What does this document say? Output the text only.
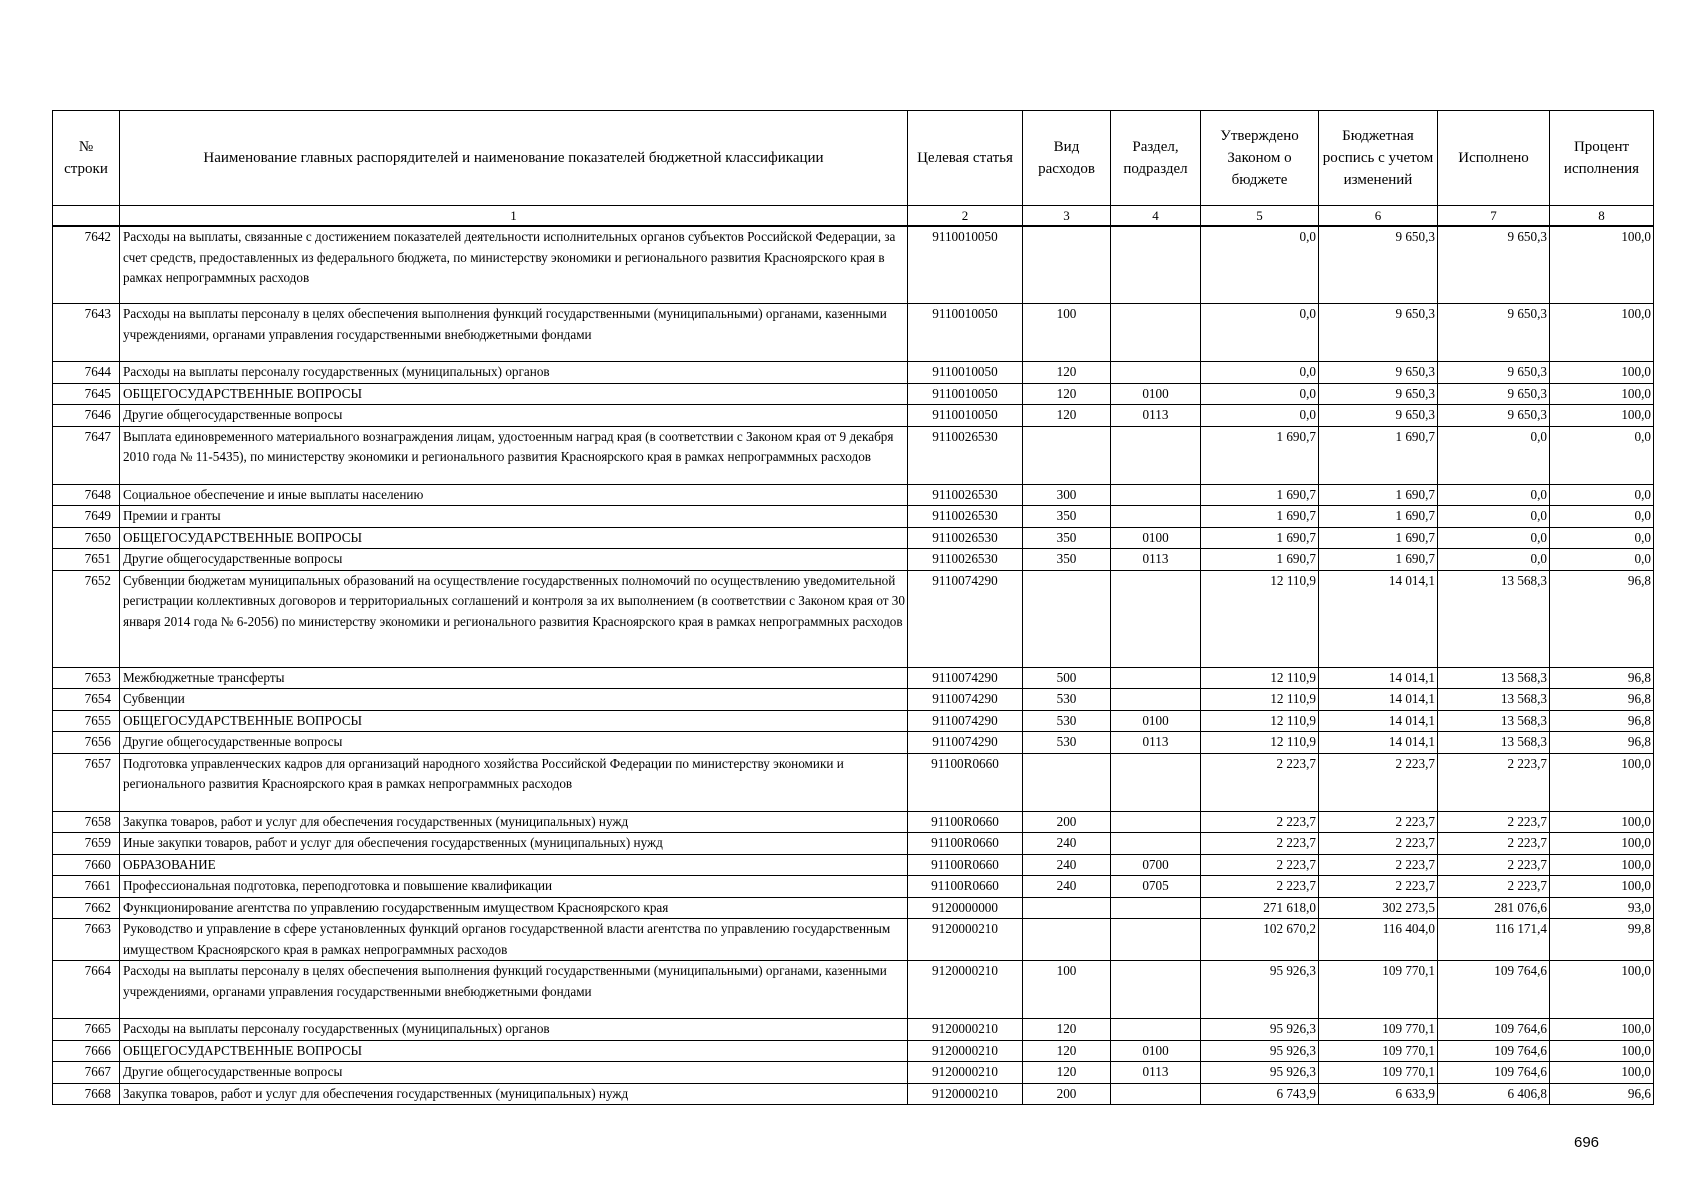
№ строки	Наименование главных распорядителей и наименование показателей бюджетной классификации	Целевая статья	Вид расходов	Раздел, подраздел	Утверждено Законом о бюджете	Бюджетная роспись с учетом изменений	Исполнено	Процент исполнения
	1	2	3	4	5	6	7	8
7642	Расходы на выплаты, связанные с достижением показателей деятельности исполнительных органов субъектов Российской Федерации, за счет средств, предоставленных из федерального бюджета, по министерству экономики и регионального развития Красноярского края в рамках непрограммных расходов	9110010050			0,0	9 650,3	9 650,3	100,0
7643	Расходы на выплаты персоналу в целях обеспечения выполнения функций государственными (муниципальными) органами, казенными учреждениями, органами управления государственными внебюджетными фондами	9110010050	100		0,0	9 650,3	9 650,3	100,0
7644	Расходы на выплаты персоналу государственных (муниципальных) органов	9110010050	120		0,0	9 650,3	9 650,3	100,0
7645	ОБЩЕГОСУДАРСТВЕННЫЕ ВОПРОСЫ	9110010050	120	0100	0,0	9 650,3	9 650,3	100,0
7646	Другие общегосударственные вопросы	9110010050	120	0113	0,0	9 650,3	9 650,3	100,0
7647	Выплата единовременного материального вознаграждения лицам, удостоенным наград края (в соответствии с Законом края от 9 декабря 2010 года № 11-5435), по министерству экономики и регионального развития Красноярского края в рамках непрограммных расходов	9110026530			1 690,7	1 690,7	0,0	0,0
7648	Социальное обеспечение и иные выплаты населению	9110026530	300		1 690,7	1 690,7	0,0	0,0
7649	Премии и гранты	9110026530	350		1 690,7	1 690,7	0,0	0,0
7650	ОБЩЕГОСУДАРСТВЕННЫЕ ВОПРОСЫ	9110026530	350	0100	1 690,7	1 690,7	0,0	0,0
7651	Другие общегосударственные вопросы	9110026530	350	0113	1 690,7	1 690,7	0,0	0,0
7652	Субвенции бюджетам муниципальных образований на осуществление государственных полномочий по осуществлению уведомительной регистрации коллективных договоров и территориальных соглашений и контроля за их выполнением (в соответствии с Законом края от 30 января 2014 года № 6-2056) по министерству экономики и регионального развития Красноярского края в рамках непрограммных расходов	9110074290			12 110,9	14 014,1	13 568,3	96,8
7653	Межбюджетные трансферты	9110074290	500		12 110,9	14 014,1	13 568,3	96,8
7654	Субвенции	9110074290	530		12 110,9	14 014,1	13 568,3	96,8
7655	ОБЩЕГОСУДАРСТВЕННЫЕ ВОПРОСЫ	9110074290	530	0100	12 110,9	14 014,1	13 568,3	96,8
7656	Другие общегосударственные вопросы	9110074290	530	0113	12 110,9	14 014,1	13 568,3	96,8
7657	Подготовка управленческих кадров для организаций народного хозяйства Российской Федерации по министерству экономики и регионального развития Красноярского края в рамках непрограммных расходов	91100R0660			2 223,7	2 223,7	2 223,7	100,0
7658	Закупка товаров, работ и услуг для обеспечения государственных (муниципальных) нужд	91100R0660	200		2 223,7	2 223,7	2 223,7	100,0
7659	Иные закупки товаров, работ и услуг для обеспечения государственных (муниципальных) нужд	91100R0660	240		2 223,7	2 223,7	2 223,7	100,0
7660	ОБРАЗОВАНИЕ	91100R0660	240	0700	2 223,7	2 223,7	2 223,7	100,0
7661	Профессиональная подготовка, переподготовка и повышение квалификации	91100R0660	240	0705	2 223,7	2 223,7	2 223,7	100,0
7662	Функционирование агентства по управлению государственным имуществом Красноярского края	9120000000			271 618,0	302 273,5	281 076,6	93,0
7663	Руководство и управление в сфере установленных функций органов государственной власти агентства по управлению государственным имуществом Красноярского края в рамках непрограммных расходов	9120000210			102 670,2	116 404,0	116 171,4	99,8
7664	Расходы на выплаты персоналу в целях обеспечения выполнения функций государственными (муниципальными) органами, казенными учреждениями, органами управления государственными внебюджетными фондами	9120000210	100		95 926,3	109 770,1	109 764,6	100,0
7665	Расходы на выплаты персоналу государственных (муниципальных) органов	9120000210	120		95 926,3	109 770,1	109 764,6	100,0
7666	ОБЩЕГОСУДАРСТВЕННЫЕ ВОПРОСЫ	9120000210	120	0100	95 926,3	109 770,1	109 764,6	100,0
7667	Другие общегосударственные вопросы	9120000210	120	0113	95 926,3	109 770,1	109 764,6	100,0
7668	Закупка товаров, работ и услуг для обеспечения государственных (муниципальных) нужд	9120000210	200		6 743,9	6 633,9	6 406,8	96,6
696
